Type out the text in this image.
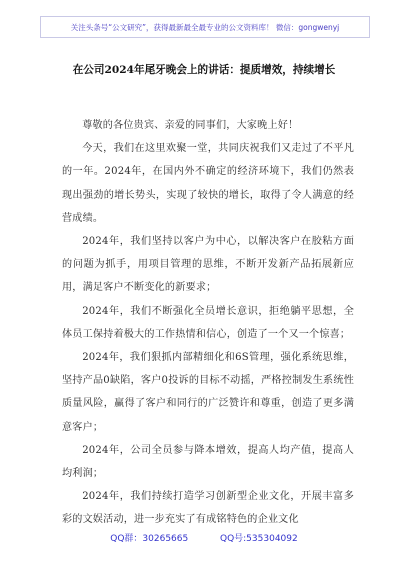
关注头条号“公文研究”，获得最新最全最专业的公文资料库！ 微信：gongwenyj
在公司2024年尾牙晚会上的讲话：提质增效，持续增长

尊敬的各位贵宾、亲爱的同事们，大家晚上好！

今天，我们在这里欢聚一堂，共同庆祝我们又走过了不平凡的一年。2024年，在国内外不确定的经济环境下，我们仍然表现出强劲的增长势头，实现了较快的增长，取得了令人满意的经营成绩。

2024年，我们坚持以客户为中心，以解决客户在胶粘方面的问题为抓手，用项目管理的思维，不断开发新产品拓展新应用，满足客户不断变化的新要求；

2024年，我们不断强化全员增长意识，拒绝躺平思想，全体员工保持着极大的工作热情和信心，创造了一个又一个惊喜；

2024年，我们狠抓内部精细化和6S管理，强化系统思维，坚持产品0缺陷，客户0投诉的目标不动摇，严格控制发生系统性质量风险，赢得了客户和同行的广泛赞许和尊重，创造了更多满意客户；

2024年，公司全员参与降本增效，提高人均产值，提高人均利润；

2024年，我们持续打造学习创新型企业文化，开展丰富多彩的文娱活动，进一步充实了有成铭特色的企业文化

QQ群：30265665	QQ号:535304092
